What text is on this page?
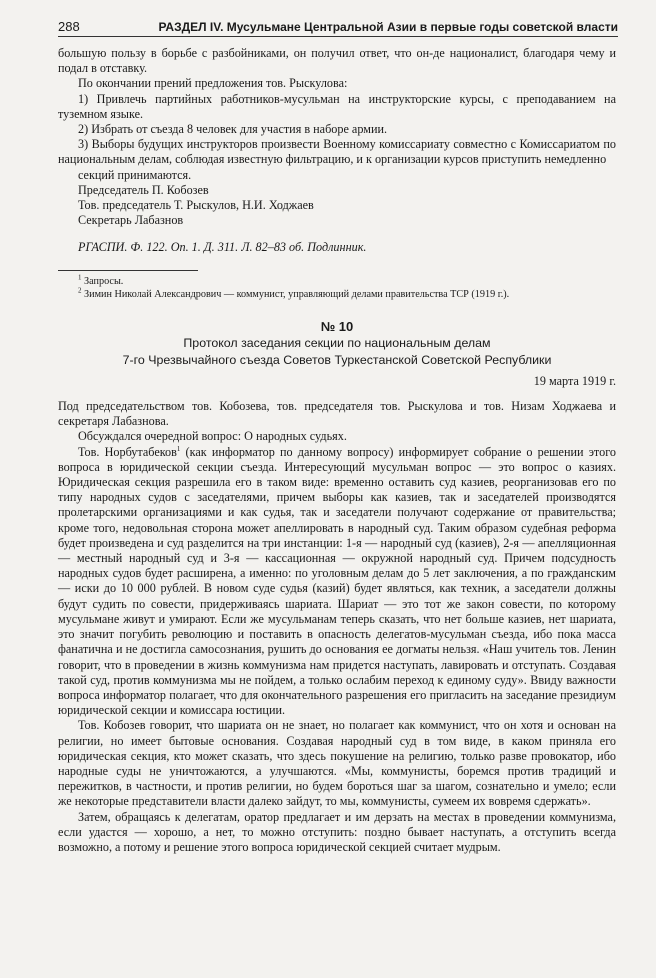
288	РАЗДЕЛ IV. Мусульмане Центральной Азии в первые годы советской власти

большую пользу в борьбе с разбойниками, он получил ответ, что он-де националист, благодаря чему и подал в отставку.

По окончании прений предложения тов. Рыскулова:

1) Привлечь партийных работников-мусульман на инструкторские курсы, с преподаванием на туземном языке.

2) Избрать от съезда 8 человек для участия в наборе армии.

3) Выборы будущих инструкторов произвести Военному комиссариату совместно с Комиссариатом по национальным делам, соблюдая известную фильтрацию, и к организации курсов приступить немедленно

секций принимаются.

Председатель П. Кобозев

Тов. председатель Т. Рыскулов, Н.И. Ходжаев

Секретарь Лабазнов

РГАСПИ. Ф. 122. Оп. 1. Д. 311. Л. 82–83 об. Подлинник.

$^1$ Запросы.

$^2$ Зимин Николай Александрович — коммунист, управляющий делами правительства ТСР (1919 г.).

№ 10
Протокол заседания секции по национальным делам
7-го Чрезвычайного съезда Советов Туркестанской Советской Республики
19 марта 1919 г.

Под председательством тов. Кобозева, тов. председателя тов. Рыскулова и тов. Низам Ходжаева и секретаря Лабазнова.

Обсуждался очередной вопрос: О народных судьях.

Тов. Норбутабеков$^1$ (как информатор по данному вопросу) информирует собрание о решении этого вопроса в юридической секции съезда. Интересующий мусульман вопрос — это вопрос о казиях. Юридическая секция разрешила его в таком виде: временно оставить суд казиев, реорганизовав его по типу народных судов с заседателями, причем выборы как казиев, так и заседателей производятся пролетарскими организациями и как судья, так и заседатели получают содержание от правительства; кроме того, недовольная сторона может апеллировать в народный суд. Таким образом судебная реформа будет произведена и суд разделится на три инстанции: 1-я — народный суд (казиев), 2-я — апелляционная — местный народный суд и 3-я — кассационная — окружной народный суд. Причем подсудность народных судов будет расширена, а именно: по уголовным делам до 5 лет заключения, а по гражданским — иски до 10 000 рублей. В новом суде судья (казий) будет являться, как техник, а заседатели должны будут судить по совести, придерживаясь шариата. Шариат — это тот же закон совести, по которому мусульмане живут и умирают. Если же мусульманам теперь сказать, что нет больше казиев, нет шариата, это значит погубить революцию и поставить в опасность делегатов-мусульман съезда, ибо пока масса фанатична и не достигла самосознания, рушить до основания ее догматы нельзя. «Наш учитель тов. Ленин говорит, что в проведении в жизнь коммунизма нам придется наступать, лавировать и отступать. Создавая такой суд, против коммунизма мы не пойдем, а только ослабим переход к единому суду». Ввиду важности вопроса информатор полагает, что для окончательного разрешения его пригласить на заседание президиум юридической секции и комиссара юстиции.

Тов. Кобозев говорит, что шариата он не знает, но полагает как коммунист, что он хотя и основан на религии, но имеет бытовые основания. Создавая народный суд в том виде, в каком приняла его юридическая секция, кто может сказать, что здесь покушение на религию, только разве провокатор, ибо народные суды не уничтожаются, а улучшаются. «Мы, коммунисты, боремся против традиций и пережитков, в частности, и против религии, но будем бороться шаг за шагом, сознательно и умело; если же некоторые представители власти далеко зайдут, то мы, коммунисты, сумеем их вовремя сдержать».

Затем, обращаясь к делегатам, оратор предлагает и им дерзать на местах в проведении коммунизма, если удастся — хорошо, а нет, то можно отступить: поздно бывает наступать, а отступить всегда возможно, а потому и решение этого вопроса юридической секцией считает мудрым.
